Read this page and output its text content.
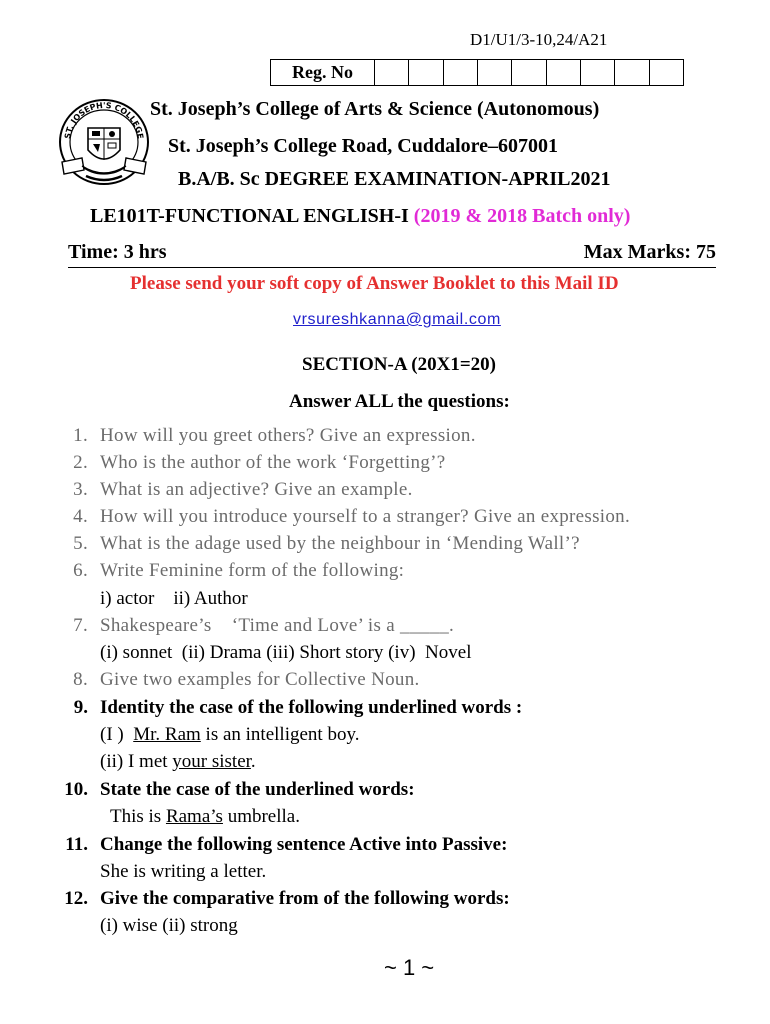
D1/U1/3-10,24/A21
Reg. No
ST. JOSEPH'S COLLEGE
St. Joseph’s College of Arts & Science (Autonomous)
St. Joseph’s College Road, Cuddalore–607001
B.A/B. Sc DEGREE EXAMINATION-APRIL2021
LE101T-FUNCTIONAL ENGLISH-I (2019 & 2018 Batch only)
Time: 3 hrs	Max Marks: 75
Please send your soft copy of Answer Booklet to this Mail ID
vrsureshkanna@gmail.com
SECTION-A (20X1=20)
Answer ALL the questions:
1. How will you greet others? Give an expression.
2. Who is the author of the work ‘Forgetting’?
3. What is an adjective? Give an example.
4. How will you introduce yourself to a stranger? Give an expression.
5. What is the adage used by the neighbour in ‘Mending Wall’?
6. Write Feminine form of the following:
i) actor    ii) Author
7. Shakespeare’s    ‘Time and Love’ is a _____.
(i) sonnet  (ii) Drama (iii) Short story (iv)  Novel
8. Give two examples for Collective Noun.
9. Identity the case of the following underlined words :
(I )  Mr. Ram is an intelligent boy.
(ii) I met your sister.
10. State the case of the underlined words:
This is Rama’s umbrella.
11. Change the following sentence Active into Passive:
She is writing a letter.
12. Give the comparative from of the following words:
(i) wise (ii) strong
~ 1 ~
